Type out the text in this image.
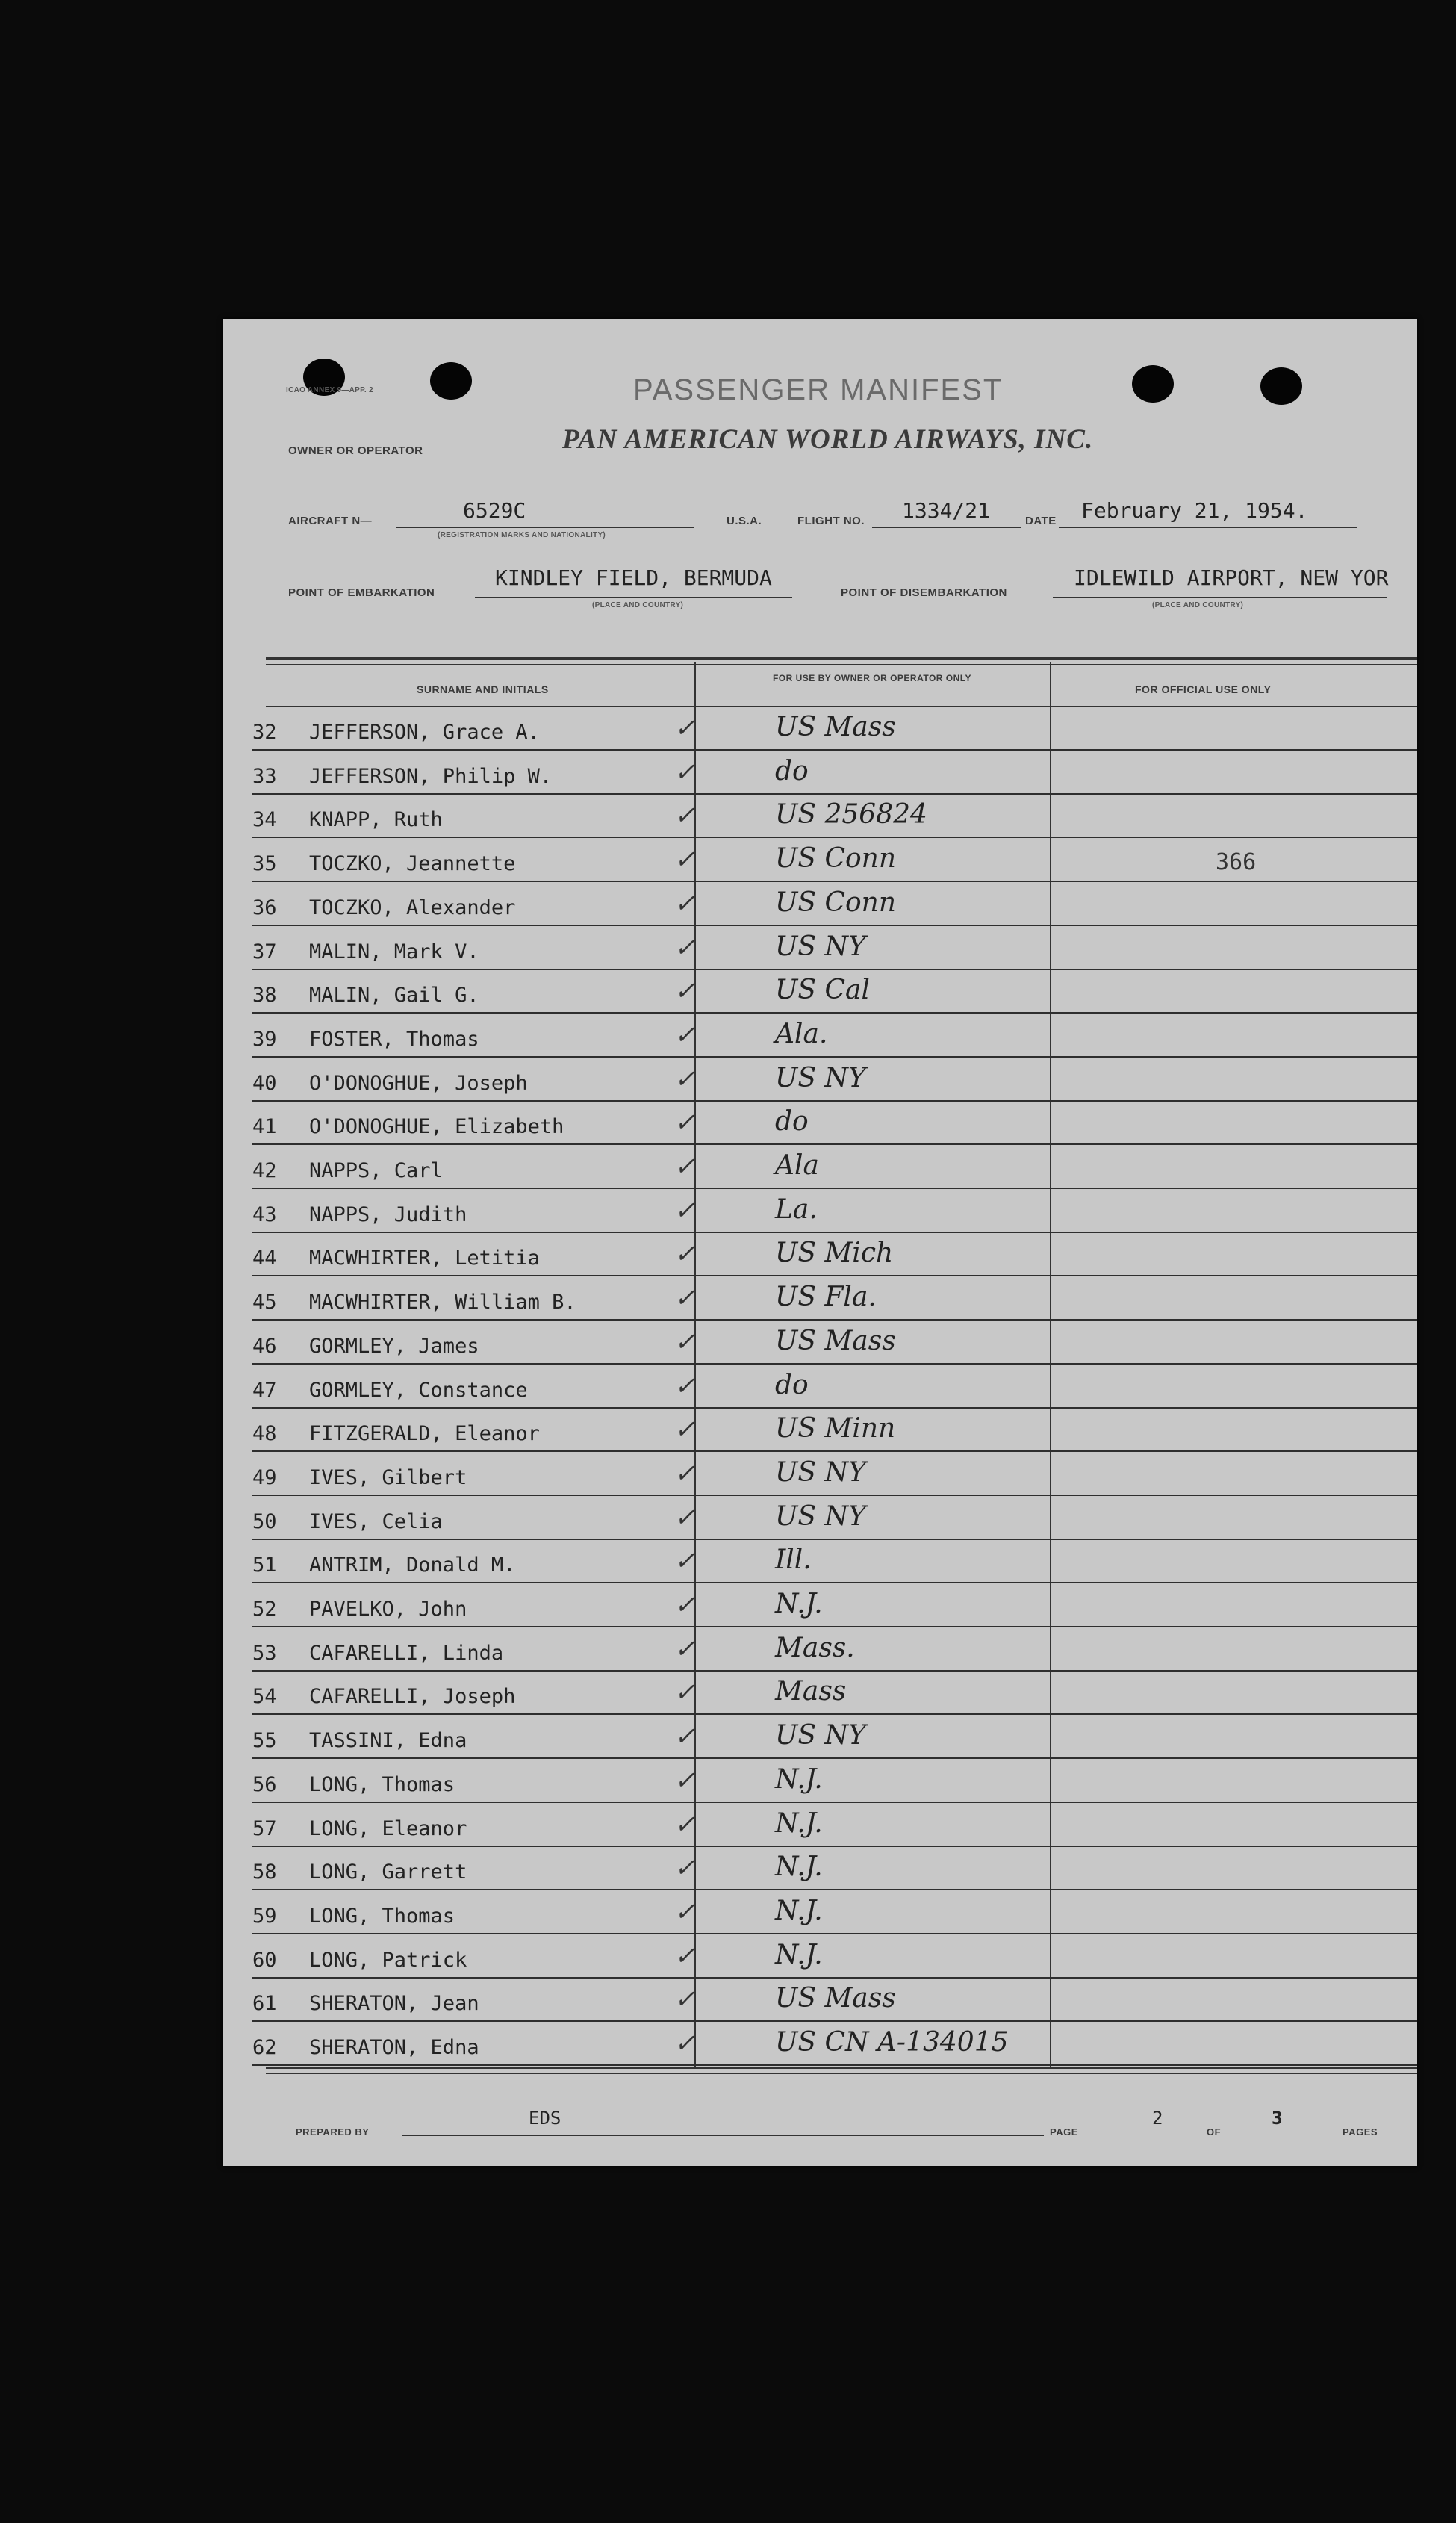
ICAO ANNEX 9—APP. 2	PASSENGER MANIFEST
OWNER OR OPERATOR	PAN AMERICAN WORLD AIRWAYS, INC.
AIRCRAFT N—	6529C
(REGISTRATION MARKS AND NATIONALITY)
U.S.A.	FLIGHT NO. 1334/21	DATE February 21, 1954.
POINT OF EMBARKATION
KINDLEY FIELD, BERMUDA
(PLACE AND COUNTRY)
POINT OF DISEMBARKATION
IDLEWILD AIRPORT, NEW YOR
(PLACE AND COUNTRY)
SURNAME AND INITIALS
FOR USE BY OWNER OR OPERATOR ONLY
FOR OFFICIAL USE ONLY
32 JEFFERSON, Grace A.	✓	US Mass
33 JEFFERSON, Philip W.	✓	do
34 KNAPP, Ruth	✓	US 256824
35 TOCZKO, Jeannette	✓	US Conn	366
36 TOCZKO, Alexander	✓	US Conn
37 MALIN, Mark V.	✓	US NY
38 MALIN, Gail G.	✓	US Cal
39 FOSTER, Thomas	✓	Ala.
40 O'DONOGHUE, Joseph	✓	US NY
41 O'DONOGHUE, Elizabeth	✓	do
42 NAPPS, Carl	✓	Ala
43 NAPPS, Judith	✓	La.
44 MACWHIRTER, Letitia	✓	US Mich
45 MACWHIRTER, William B.	✓	US Fla.
46 GORMLEY, James	✓	US Mass
47 GORMLEY, Constance	✓	do
48 FITZGERALD, Eleanor	✓	US Minn
49 IVES, Gilbert	✓	US NY
50 IVES, Celia	✓	US NY
51 ANTRIM, Donald M.	✓	Ill.
52 PAVELKO, John	✓	N.J.
53 CAFARELLI, Linda	✓	Mass.
54 CAFARELLI, Joseph	✓	Mass
55 TASSINI, Edna	✓	US NY
56 LONG, Thomas	✓	N.J.
57 LONG, Eleanor	✓	N.J.
58 LONG, Garrett	✓	N.J.
59 LONG, Thomas	✓	N.J.
60 LONG, Patrick	✓	N.J.
61 SHERATON, Jean	✓	US Mass
62 SHERATON, Edna	✓	US CN A-134015
PREPARED BY
EDS
PAGE
2
OF
3
PAGES
